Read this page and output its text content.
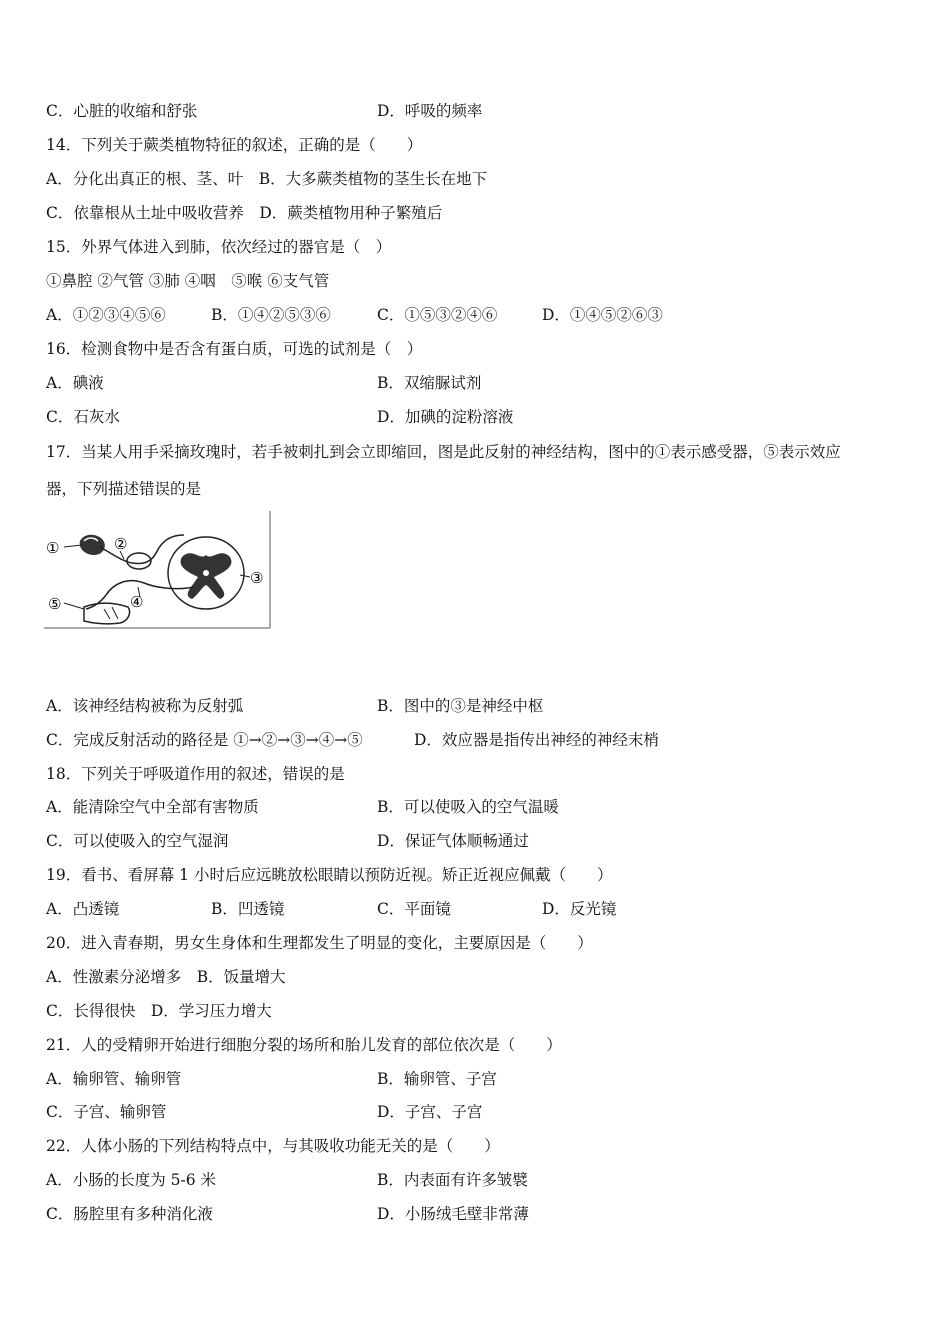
C．心脏的收缩和舒张	D．呼吸的频率
14．下列关于蕨类植物特征的叙述，正确的是（　　）
A．分化出真正的根、茎、叶　B．大多蕨类植物的茎生长在地下
C．依靠根从土址中吸收营养　D．蕨类植物用种子繁殖后
15．外界气体进入到肺，依次经过的器官是（　）
①鼻腔 ②气管 ③肺 ④咽　⑤喉 ⑥支气管
A．①②③④⑤⑥	B．①④②⑤③⑥	C．①⑤③②④⑥	D．①④⑤②⑥③
16．检测食物中是否含有蛋白质，可选的试剂是（　）
A．碘液	B．双缩脲试剂
C．石灰水	D．加碘的淀粉溶液
17．当某人用手采摘玫瑰时，若手被刺扎到会立即缩回，图是此反射的神经结构，图中的①表示感受器，⑤表示效应
器，下列描述错误的是
①	②
③
④
⑤
A．该神经结构被称为反射弧	B．图中的③是神经中枢
C．完成反射活动的路径是 ①→②→③→④→⑤	D．效应器是指传出神经的神经末梢
18．下列关于呼吸道作用的叙述，错误的是
A．能清除空气中全部有害物质	B．可以使吸入的空气温暖
C．可以使吸入的空气湿润	D．保证气体顺畅通过
19．看书、看屏幕 1 小时后应远眺放松眼睛以预防近视。矫正近视应佩戴（　　）
A．凸透镜	B．凹透镜	C．平面镜	D．反光镜
20．进入青春期，男女生身体和生理都发生了明显的变化，主要原因是（　　）
A．性激素分泌增多　B．饭量增大
C．长得很快　D．学习压力增大
21．人的受精卵开始进行细胞分裂的场所和胎儿发育的部位依次是（　　）
A．输卵管、输卵管	B．输卵管、子宫
C．子宫、输卵管	D．子宫、子宫
22．人体小肠的下列结构特点中，与其吸收功能无关的是（　　）
A．小肠的长度为 5-6 米	B．内表面有许多皱襞
C．肠腔里有多种消化液	D．小肠绒毛壁非常薄
